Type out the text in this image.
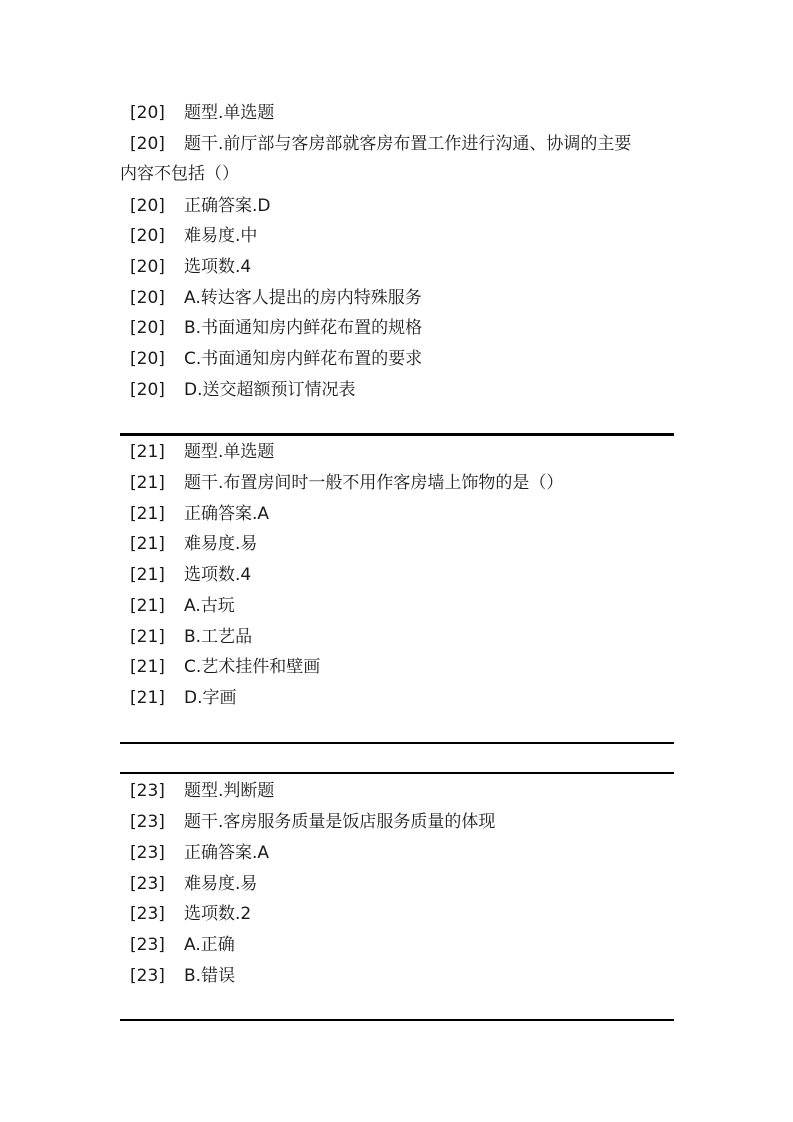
[20] 题型.单选题
[20] 题干.前厅部与客房部就客房布置工作进行沟通、协调的主要
内容不包括（）
[20] 正确答案.D
[20] 难易度.中
[20] 选项数.4
[20] A.转达客人提出的房内特殊服务
[20] B.书面通知房内鲜花布置的规格
[20] C.书面通知房内鲜花布置的要求
[20] D.送交超额预订情况表
[21] 题型.单选题
[21] 题干.布置房间时一般不用作客房墙上饰物的是（）
[21] 正确答案.A
[21] 难易度.易
[21] 选项数.4
[21] A.古玩
[21] B.工艺品
[21] C.艺术挂件和壁画
[21] D.字画
[23] 题型.判断题
[23] 题干.客房服务质量是饭店服务质量的体现
[23] 正确答案.A
[23] 难易度.易
[23] 选项数.2
[23] A.正确
[23] B.错误
